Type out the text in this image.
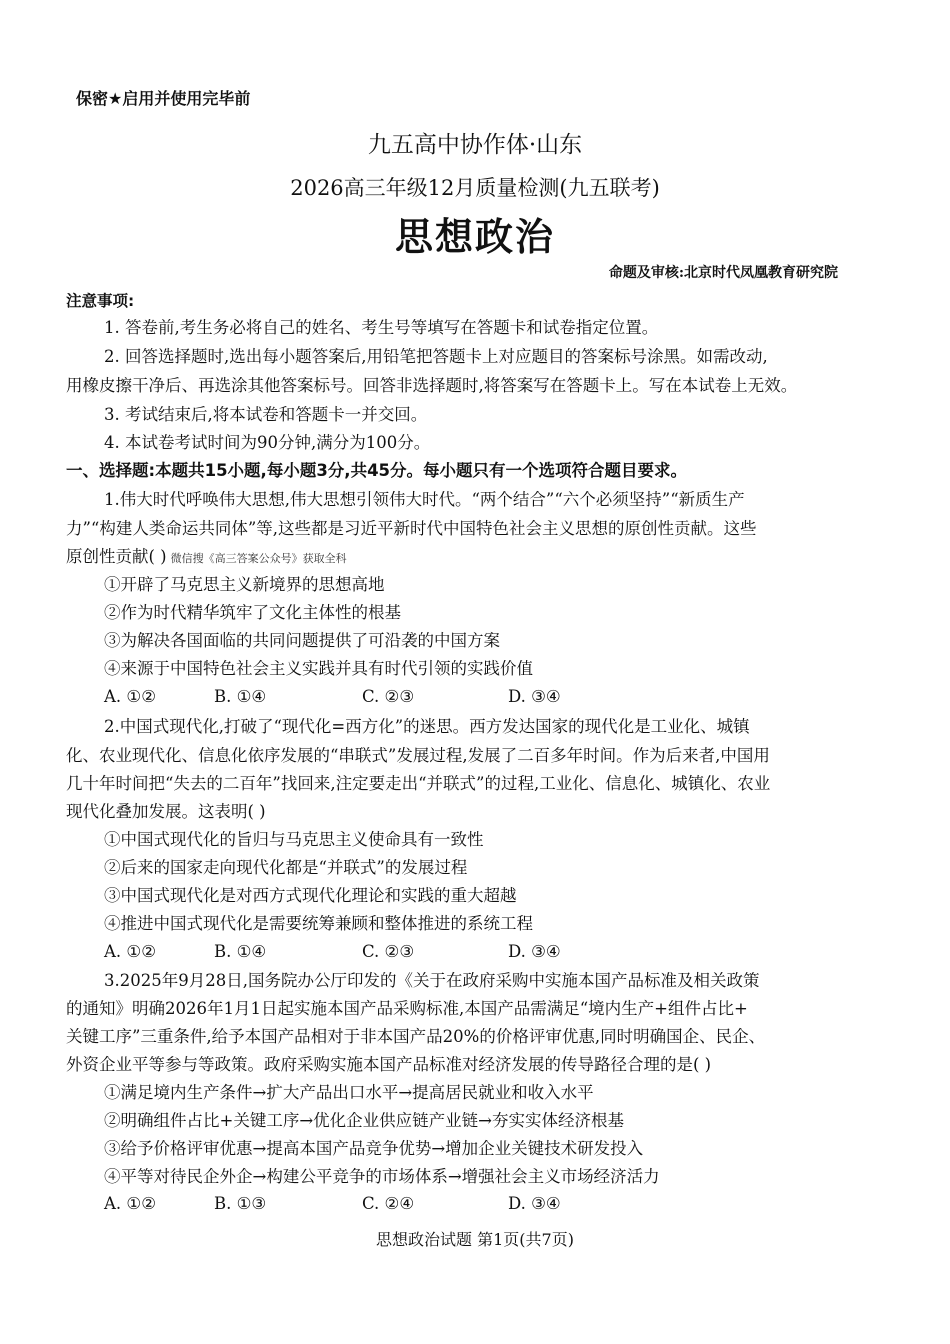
保密★启用并使用完毕前
九五高中协作体·山东
2026高三年级12月质量检测(九五联考)
思想政治
命题及审核:北京时代凤凰教育研究院
注意事项:
1. 答卷前,考生务必将自己的姓名、考生号等填写在答题卡和试卷指定位置。
2. 回答选择题时,选出每小题答案后,用铅笔把答题卡上对应题目的答案标号涂黑。如需改动,
用橡皮擦干净后、再选涂其他答案标号。回答非选择题时,将答案写在答题卡上。写在本试卷上无效。
3. 考试结束后,将本试卷和答题卡一并交回。
4. 本试卷考试时间为90分钟,满分为100分。
一、选择题:本题共15小题,每小题3分,共45分。每小题只有一个选项符合题目要求。
1.伟大时代呼唤伟大思想,伟大思想引领伟大时代。“两个结合”“六个必须坚持”“新质生产
力”“构建人类命运共同体”等,这些都是习近平新时代中国特色社会主义思想的原创性贡献。这些
原创性贡献( ) 微信搜《高三答案公众号》获取全科
①开辟了马克思主义新境界的思想高地
②作为时代精华筑牢了文化主体性的根基
③为解决各国面临的共同问题提供了可沿袭的中国方案
④来源于中国特色社会主义实践并具有时代引领的实践价值
A. ①②	B. ①④	C. ②③	D. ③④
2.中国式现代化,打破了“现代化=西方化”的迷思。西方发达国家的现代化是工业化、城镇
化、农业现代化、信息化依序发展的“串联式”发展过程,发展了二百多年时间。作为后来者,中国用
几十年时间把“失去的二百年”找回来,注定要走出“并联式”的过程,工业化、信息化、城镇化、农业
现代化叠加发展。这表明( )
①中国式现代化的旨归与马克思主义使命具有一致性
②后来的国家走向现代化都是“并联式”的发展过程
③中国式现代化是对西方式现代化理论和实践的重大超越
④推进中国式现代化是需要统筹兼顾和整体推进的系统工程
A. ①②	B. ①④	C. ②③	D. ③④
3.2025年9月28日,国务院办公厅印发的《关于在政府采购中实施本国产品标准及相关政策
的通知》明确2026年1月1日起实施本国产品采购标准,本国产品需满足“境内生产+组件占比+
关键工序”三重条件,给予本国产品相对于非本国产品20%的价格评审优惠,同时明确国企、民企、
外资企业平等参与等政策。政府采购实施本国产品标准对经济发展的传导路径合理的是( )
①满足境内生产条件→扩大产品出口水平→提高居民就业和收入水平
②明确组件占比+关键工序→优化企业供应链产业链→夯实实体经济根基
③给予价格评审优惠→提高本国产品竞争优势→增加企业关键技术研发投入
④平等对待民企外企→构建公平竞争的市场体系→增强社会主义市场经济活力
A. ①②	B. ①③	C. ②④	D. ③④
思想政治试题 第1页(共7页)
